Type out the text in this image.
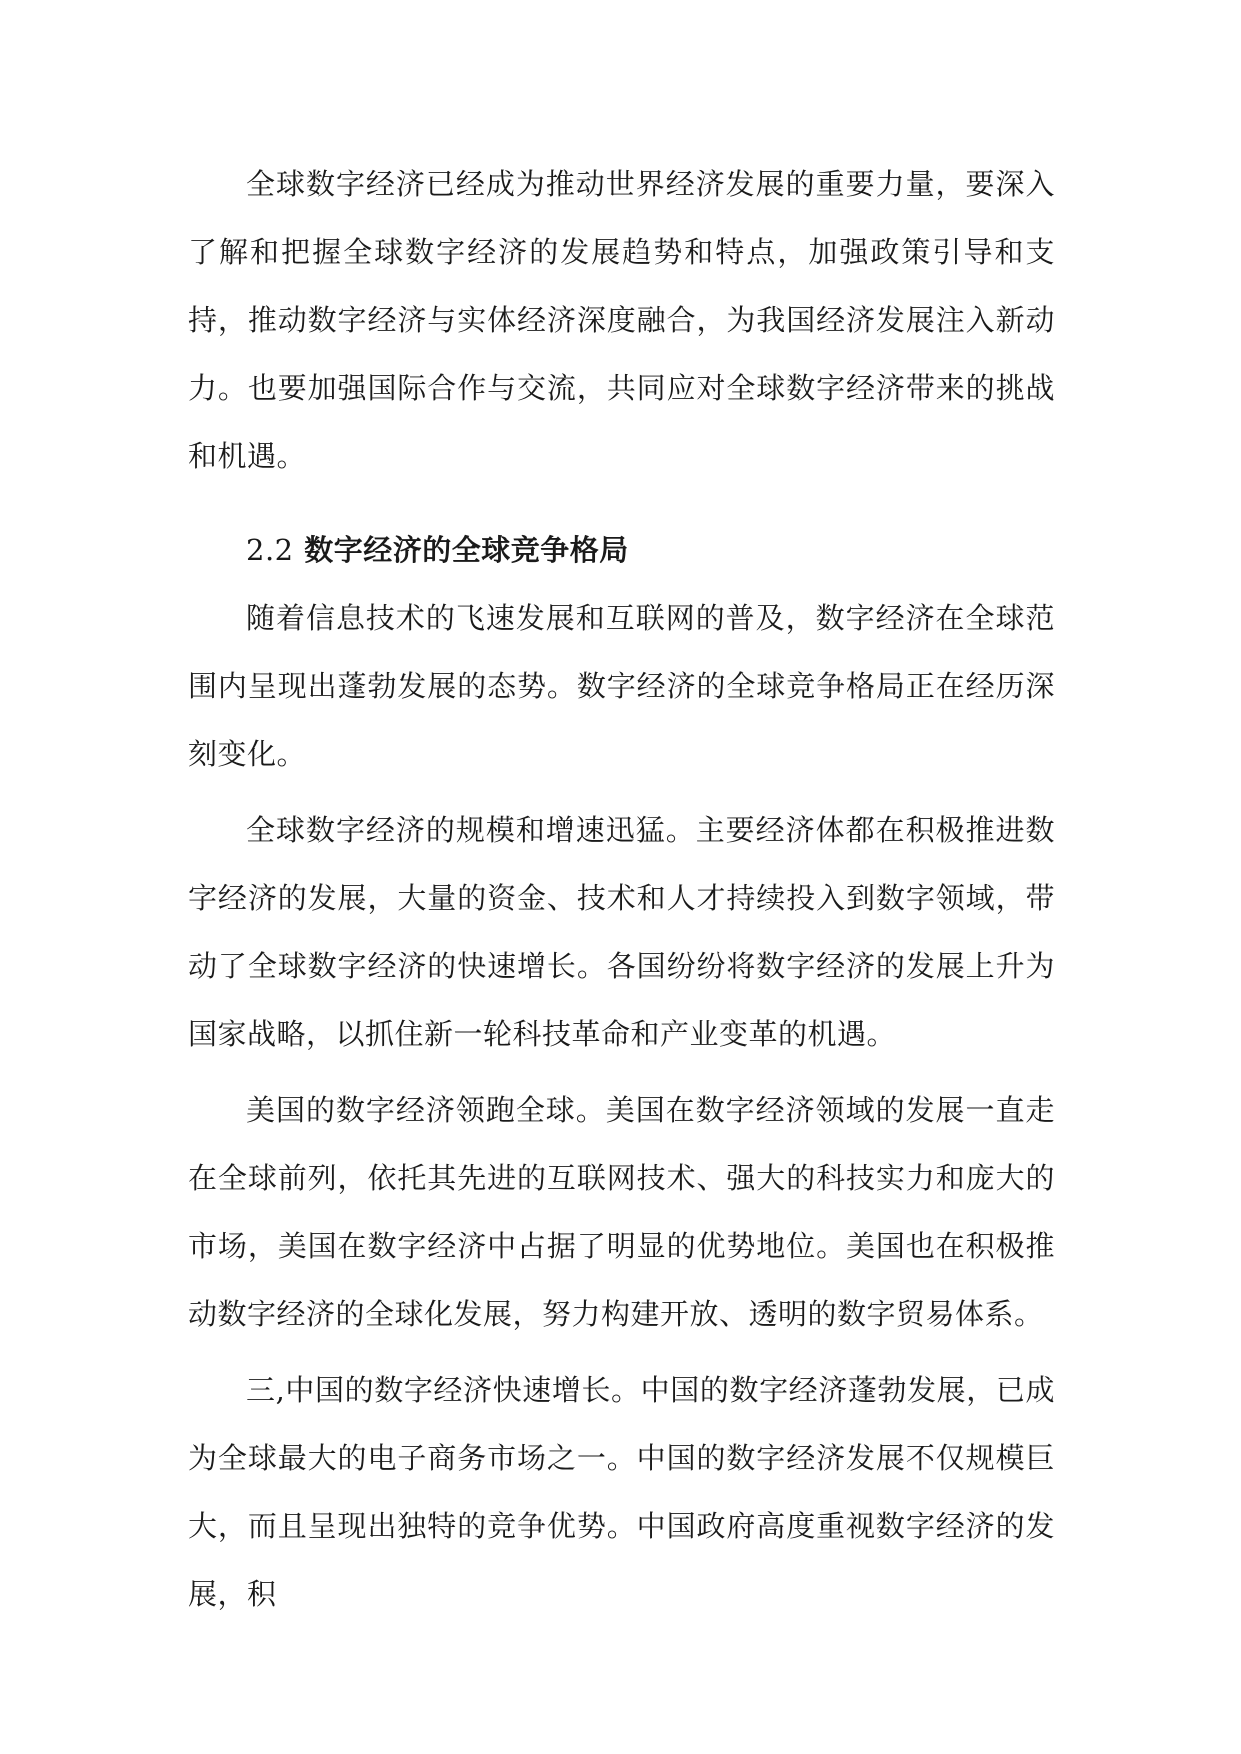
全球数字经济已经成为推动世界经济发展的重要力量，要深入了解和把握全球数字经济的发展趋势和特点，加强政策引导和支持，推动数字经济与实体经济深度融合，为我国经济发展注入新动力。也要加强国际合作与交流，共同应对全球数字经济带来的挑战和机遇。

2.2 数字经济的全球竞争格局

随着信息技术的飞速发展和互联网的普及，数字经济在全球范围内呈现出蓬勃发展的态势。数字经济的全球竞争格局正在经历深刻变化。

全球数字经济的规模和增速迅猛。主要经济体都在积极推进数字经济的发展，大量的资金、技术和人才持续投入到数字领域，带动了全球数字经济的快速增长。各国纷纷将数字经济的发展上升为国家战略，以抓住新一轮科技革命和产业变革的机遇。

美国的数字经济领跑全球。美国在数字经济领域的发展一直走在全球前列，依托其先进的互联网技术、强大的科技实力和庞大的市场，美国在数字经济中占据了明显的优势地位。美国也在积极推动数字经济的全球化发展，努力构建开放、透明的数字贸易体系。

三,中国的数字经济快速增长。中国的数字经济蓬勃发展，已成为全球最大的电子商务市场之一。中国的数字经济发展不仅规模巨大，而且呈现出独特的竞争优势。中国政府高度重视数字经济的发展，积
